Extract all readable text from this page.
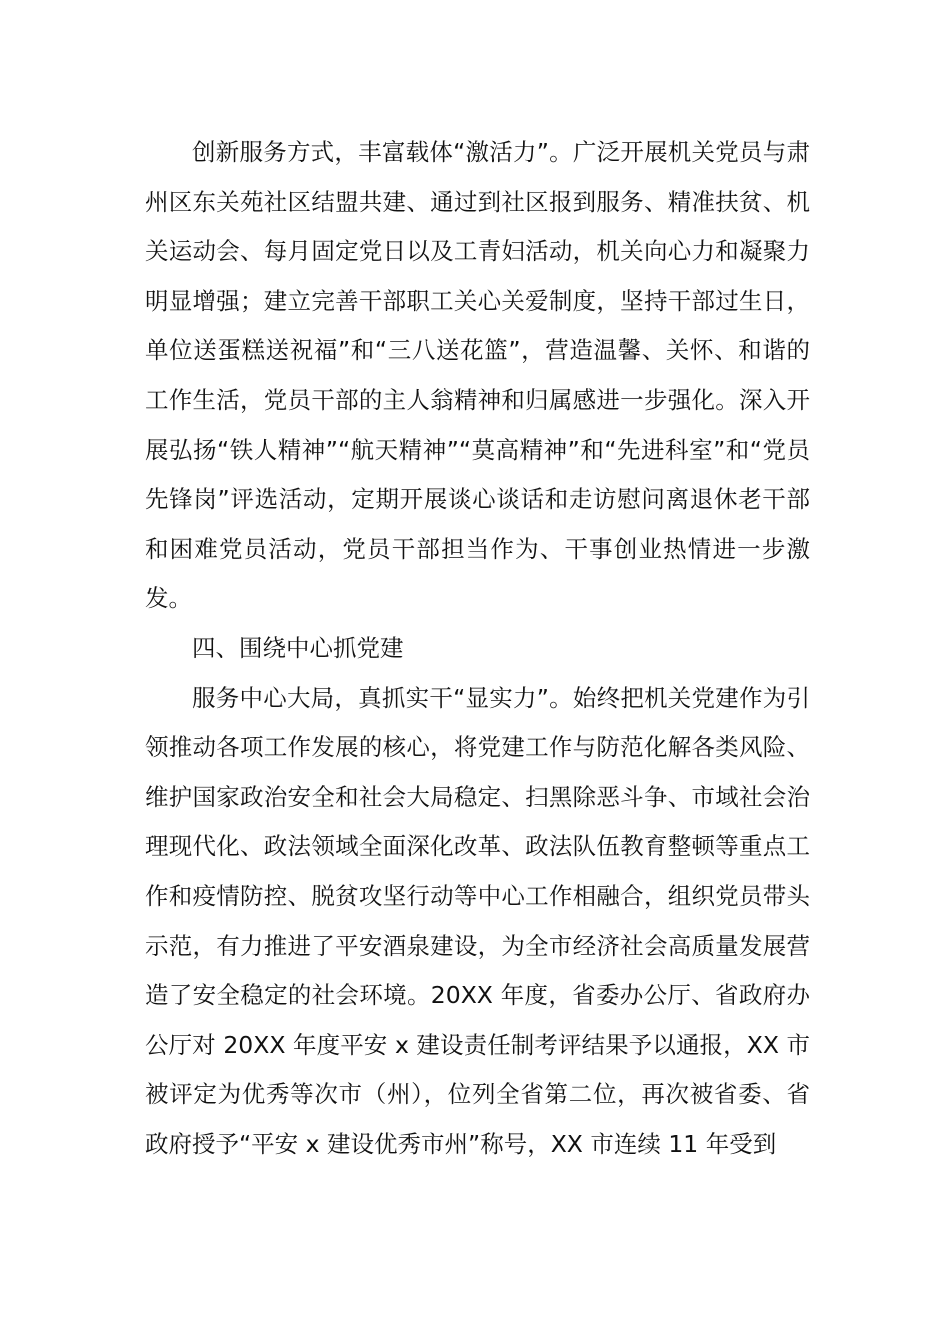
创新服务方式，丰富载体“激活力”。广泛开展机关党员与肃州区东关苑社区结盟共建、通过到社区报到服务、精准扶贫、机关运动会、每月固定党日以及工青妇活动，机关向心力和凝聚力明显增强；建立完善干部职工关心关爱制度，坚持干部过生日，单位送蛋糕送祝福”和“三八送花篮”，营造温馨、关怀、和谐的工作生活，党员干部的主人翁精神和归属感进一步强化。深入开展弘扬“铁人精神”“航天精神”“莫高精神”和“先进科室”和“党员先锋岗”评选活动，定期开展谈心谈话和走访慰问离退休老干部和困难党员活动，党员干部担当作为、干事创业热情进一步激发。

四、围绕中心抓党建

服务中心大局，真抓实干“显实力”。始终把机关党建作为引领推动各项工作发展的核心，将党建工作与防范化解各类风险、维护国家政治安全和社会大局稳定、扫黑除恶斗争、市域社会治理现代化、政法领域全面深化改革、政法队伍教育整顿等重点工作和疫情防控、脱贫攻坚行动等中心工作相融合，组织党员带头示范，有力推进了平安酒泉建设，为全市经济社会高质量发展营造了安全稳定的社会环境。20XX 年度，省委办公厅、省政府办公厅对 20XX 年度平安 x 建设责任制考评结果予以通报，XX 市被评定为优秀等次市（州），位列全省第二位，再次被省委、省政府授予“平安 x 建设优秀市州”称号，XX 市连续 11 年受到
